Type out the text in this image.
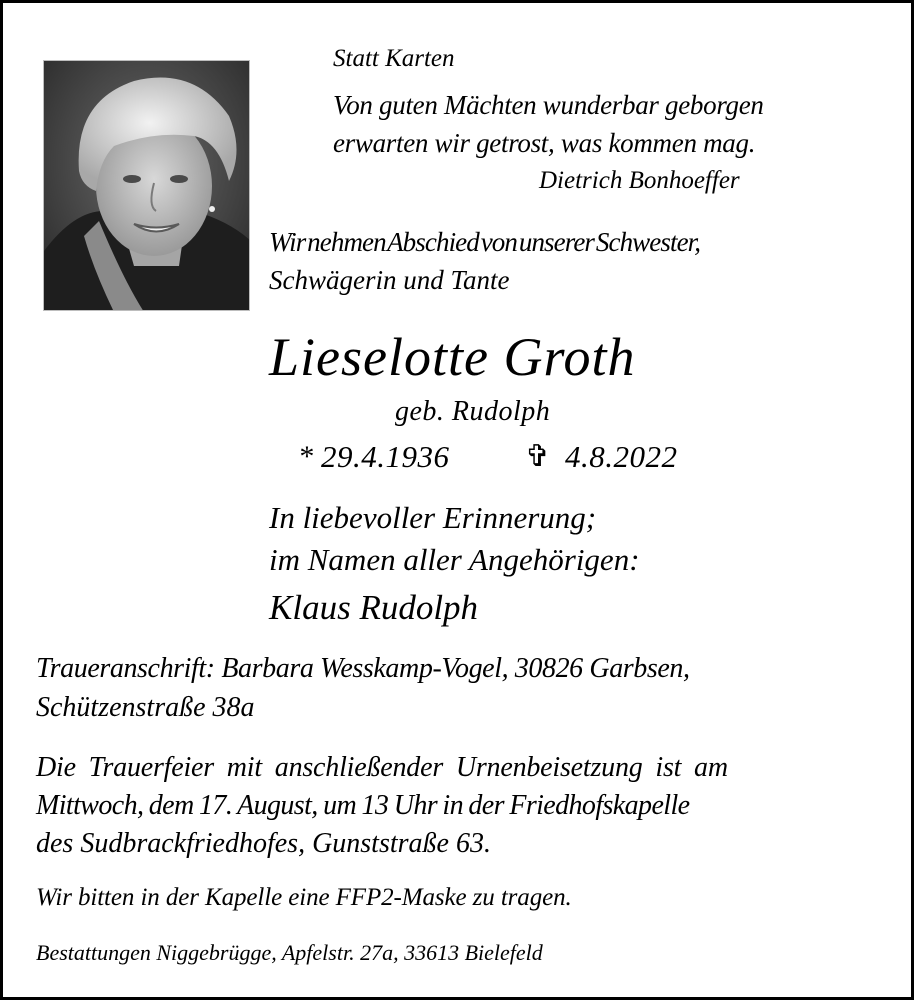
Statt Karten

Von guten Mächten wunderbar geborgen

erwarten wir getrost, was kommen mag.

Dietrich Bonhoeffer

Wir nehmen Abschied von unserer Schwester,

Schwägerin und Tante

Lieselotte Groth

geb. Rudolph

* 29.4.1936	✞ 4.8.2022

In liebevoller Erinnerung;

im Namen aller Angehörigen:

Klaus Rudolph

Traueranschrift: Barbara Wesskamp-Vogel, 30826 Garbsen,

Schützenstraße 38a

Die Trauerfeier mit anschließender Urnenbeisetzung ist am

Mittwoch, dem 17. August, um 13 Uhr in der Friedhofskapelle

des Sudbrackfriedhofes, Gunststraße 63.

Wir bitten in der Kapelle eine FFP2-Maske zu tragen.

Bestattungen Niggebrügge, Apfelstr. 27a, 33613 Bielefeld
